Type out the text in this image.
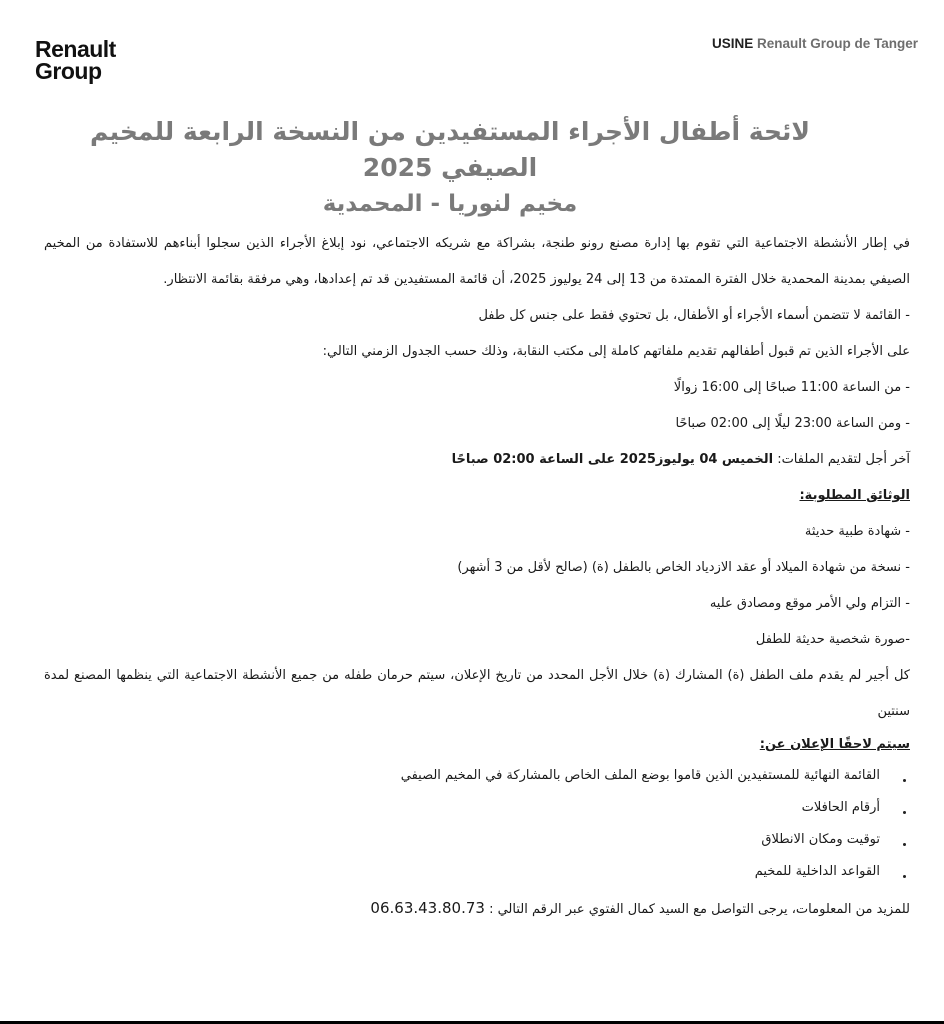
Renault
Group
USINE Renault Group de Tanger

لائحة أطفال الأجراء المستفيدين من النسخة الرابعة للمخيم الصيفي 2025

مخيم لنوريا - المحمدية

في إطار الأنشطة الاجتماعية التي تقوم بها إدارة مصنع رونو طنجة، بشراكة مع شريكه الاجتماعي، نود إبلاغ الأجراء الذين سجلوا أبناءهم للاستفادة من المخيم الصيفي بمدينة المحمدية خلال الفترة الممتدة من 13 إلى 24 يوليوز 2025، أن قائمة المستفيدين قد تم إعدادها، وهي مرفقة بقائمة الانتظار.

- القائمة لا تتضمن أسماء الأجراء أو الأطفال، بل تحتوي فقط على جنس كل طفل

على الأجراء الذين تم قبول أطفالهم تقديم ملفاتهم كاملة إلى مكتب النقابة، وذلك حسب الجدول الزمني التالي:

- من الساعة 11:00 صباحًا إلى 16:00 زوالًا

- ومن الساعة 23:00 ليلًا إلى 02:00 صباحًا

آخر أجل لتقديم الملفات: الخميس 04 يوليوز2025 على الساعة 02:00 صباحًا

الوثائق المطلوبة:

- شهادة طبية حديثة

- نسخة من شهادة الميلاد أو عقد الازدياد الخاص بالطفل (ة) (صالح لأقل من 3 أشهر)

- التزام ولي الأمر موقع ومصادق عليه

-صورة شخصية حديثة للطفل

كل أجير لم يقدم ملف الطفل (ة) المشارك (ة) خلال الأجل المحدد من تاريخ الإعلان، سيتم حرمان طفله من جميع الأنشطة الاجتماعية التي ينظمها المصنع لمدة سنتين

سيتم لاحقًا الإعلان عن:

القائمة النهائية للمستفيدين الذين قاموا بوضع الملف الخاص بالمشاركة في المخيم الصيفي
أرقام الحافلات
توقيت ومكان الانطلاق
القواعد الداخلية للمخيم

للمزيد من المعلومات، يرجى التواصل مع السيد كمال الفتوي عبر الرقم التالي : 06.63.43.80.73
